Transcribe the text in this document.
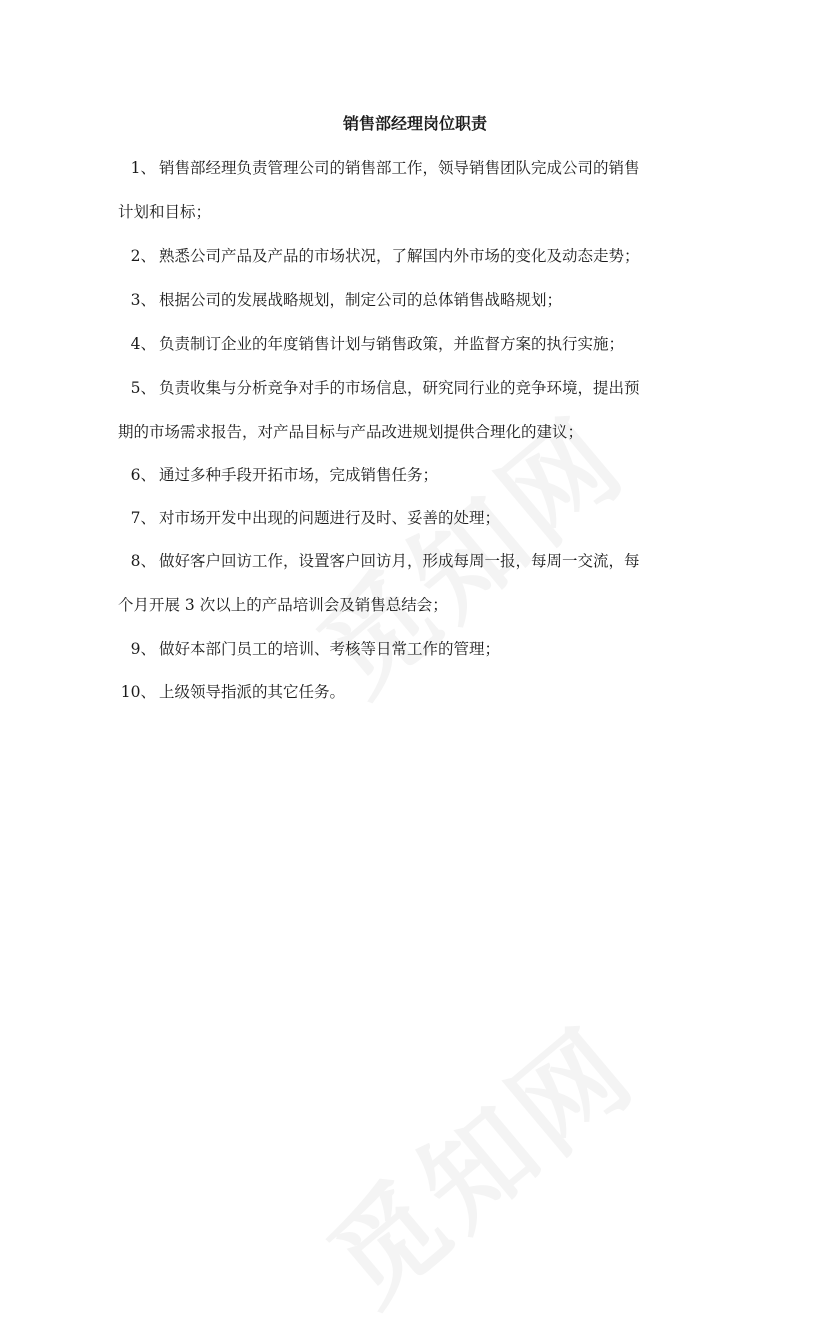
销售部经理岗位职责
1、 销售部经理负责管理公司的销售部工作，领导销售团队完成公司的销售
计划和目标；
2、 熟悉公司产品及产品的市场状况，了解国内外市场的变化及动态走势；
3、 根据公司的发展战略规划，制定公司的总体销售战略规划；
4、 负责制订企业的年度销售计划与销售政策，并监督方案的执行实施；
5、 负责收集与分析竞争对手的市场信息，研究同行业的竞争环境，提出预
期的市场需求报告，对产品目标与产品改进规划提供合理化的建议；
6、 通过多种手段开拓市场，完成销售任务；
7、 对市场开发中出现的问题进行及时、妥善的处理；
8、 做好客户回访工作，设置客户回访月，形成每周一报，每周一交流，每
个月开展 3 次以上的产品培训会及销售总结会；
9、 做好本部门员工的培训、考核等日常工作的管理；
10、 上级领导指派的其它任务。
